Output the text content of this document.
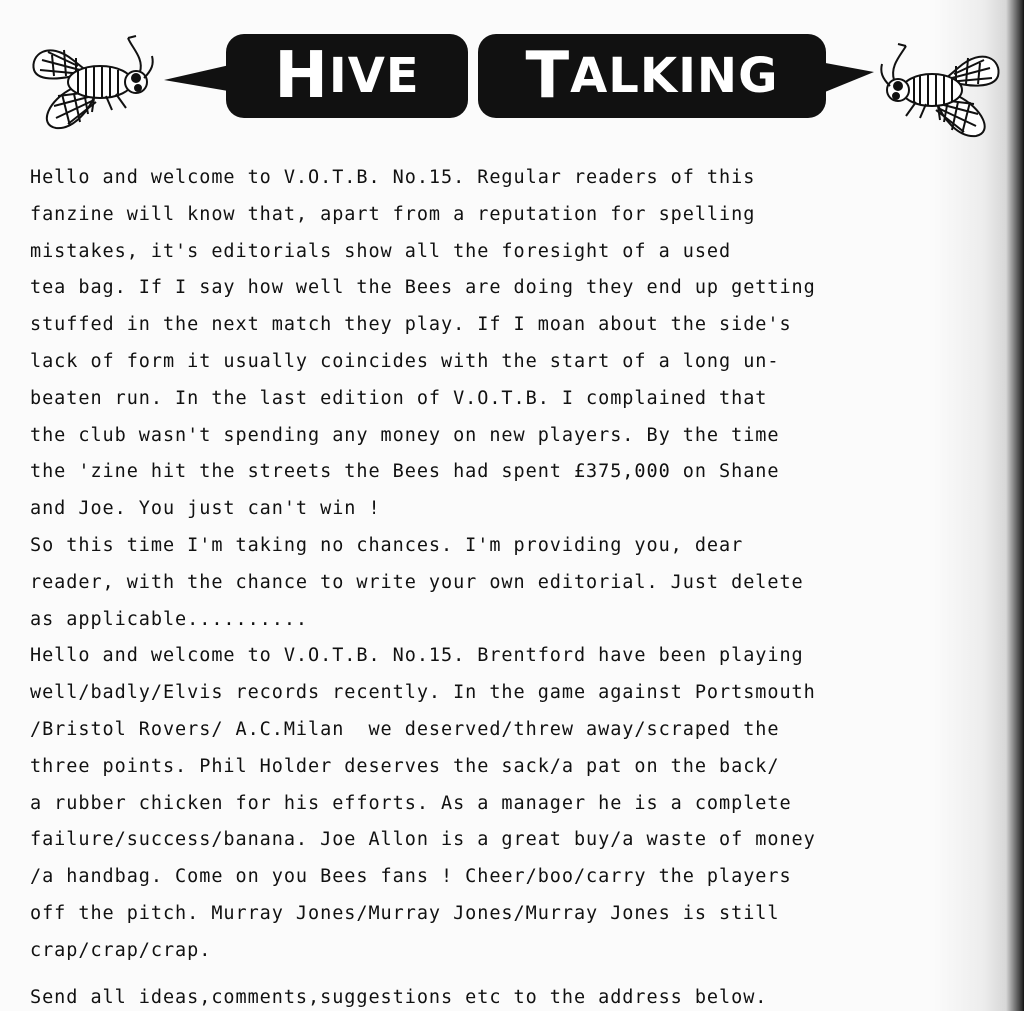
H IVE T ALKING
Hello and welcome to V.O.T.B. No.15. Regular readers of this
fanzine will know that, apart from a reputation for spelling
mistakes, it's editorials show all the foresight of a used
tea bag. If I say how well the Bees are doing they end up getting
stuffed in the next match they play. If I moan about the side's
lack of form it usually coincides with the start of a long un-
beaten run. In the last edition of V.O.T.B. I complained that
the club wasn't spending any money on new players. By the time
the 'zine hit the streets the Bees had spent £375,000 on Shane
and Joe. You just can't win !
So this time I'm taking no chances. I'm providing you, dear
reader, with the chance to write your own editorial. Just delete
as applicable..........
Hello and welcome to V.O.T.B. No.15. Brentford have been playing
well/badly/Elvis records recently. In the game against Portsmouth
/Bristol Rovers/ A.C.Milan  we deserved/threw away/scraped the
three points. Phil Holder deserves the sack/a pat on the back/
a rubber chicken for his efforts. As a manager he is a complete
failure/success/banana. Joe Allon is a great buy/a waste of money
/a handbag. Come on you Bees fans ! Cheer/boo/carry the players
off the pitch. Murray Jones/Murray Jones/Murray Jones is still
crap/crap/crap.
Send all ideas,comments,suggestions etc to the address below.
